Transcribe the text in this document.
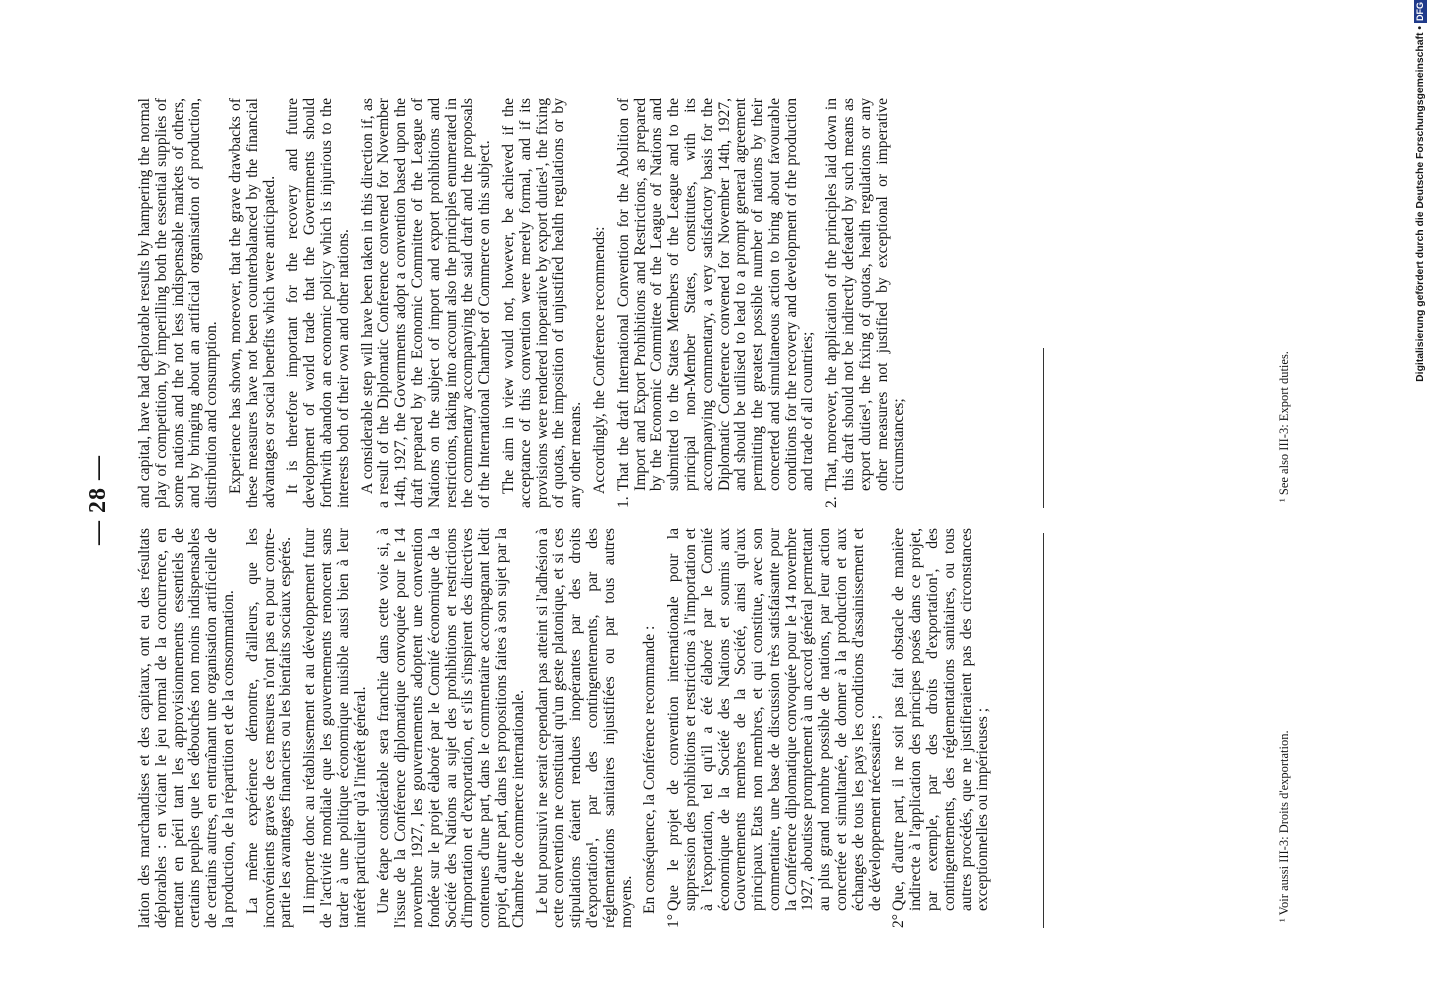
— 28 —

lation des marchandises et des capitaux, ont eu des résultats déplorables : en viciant le jeu normal de la concurrence, en mettant en péril tant les approvisionnements essentiels de certains peuples que les débouchés non moins indispensables de certains autres, en entraînant une organisation artificielle de la production, de la répartition et de la consommation. La même expérience démontre, d'ailleurs, que les inconvénients graves de ces mesures n'ont pas eu pour contre-partie les avantages financiers ou les bienfaits sociaux espérés. Il importe donc au rétablissement et au développement futur de l'activité mondiale que les gouvernements renoncent sans tarder à une politique économique nuisible aussi bien à leur intérêt particulier qu'à l'intérêt général. Une étape considérable sera franchie dans cette voie si, à l'issue de la Conférence diplomatique convoquée pour le 14 novembre 1927, les gouvernements adoptent une convention fondée sur le projet élaboré par le Comité économique de la Société des Nations au sujet des prohibitions et restrictions d'importation et d'exportation, et s'ils s'inspirent des directives contenues d'une part, dans le commentaire accompagnant ledit projet, d'autre part, dans les propositions faites à son sujet par la Chambre de commerce internationale. Le but poursuivi ne serait cependant pas atteint si l'adhésion à cette convention ne constituait qu'un geste platonique, et si ces stipulations étaient rendues inopérantes par des droits d'exportation¹, par des contingentements, par des réglementations sanitaires injustifiées ou par tous autres moyens. En conséquence, la Conférence recommande :

1°
Que le projet de convention internationale pour la suppression des prohibitions et restrictions à l'importation et à l'exportation, tel qu'il a été élaboré par le Comité économique de la Société des Nations et soumis aux Gouvernements membres de la Société, ainsi qu'aux principaux Etats non membres, et qui constitue, avec son commentaire, une base de discussion très satisfaisante pour la Conférence diplomatique convoquée pour le 14 novembre 1927, aboutisse promptement à un accord général permettant au plus grand nombre possible de nations, par leur action concertée et simultanée, de donner à la production et aux échanges de tous les pays les conditions d'assainissement et de développement nécessaires ;

2°
Que, d'autre part, il ne soit pas fait obstacle de manière indirecte à l'application des principes posés dans ce projet, par exemple, par des droits d'exportation¹, des contingentements, des réglementations sanitaires, ou tous autres procédés, que ne justifieraient pas des circonstances exceptionnelles ou impérieuses ;

and capital, have had deplorable results by hampering the normal play of competition, by imperilling both the essential supplies of some nations and the not less indispensable markets of others, and by bringing about an artificial organisation of production, distribution and consumption. Experience has shown, moreover, that the grave drawbacks of these measures have not been counterbalanced by the financial advantages or social benefits which were anticipated. It is therefore important for the recovery and future development of world trade that the Governments should forthwith abandon an economic policy which is injurious to the interests both of their own and other nations. A considerable step will have been taken in this direction if, as a result of the Diplomatic Conference convened for November 14th, 1927, the Governments adopt a convention based upon the draft prepared by the Economic Committee of the League of Nations on the subject of import and export prohibitions and restrictions, taking into account also the principles enumerated in the commentary accompanying the said draft and the proposals of the International Chamber of Commerce on this subject. The aim in view would not, however, be achieved if the acceptance of this convention were merely formal, and if its provisions were rendered inoperative by export duties¹, the fixing of quotas, the imposition of unjustified health regulations or by any other means. Accordingly, the Conference recommends:

1.
That the draft International Convention for the Abolition of Import and Export Prohibitions and Restrictions, as prepared by the Economic Committee of the League of Nations and submitted to the States Members of the League and to the principal non-Member States, constitutes, with its accompanying commentary, a very satisfactory basis for the Diplomatic Conference convened for November 14th, 1927, and should be utilised to lead to a prompt general agreement permitting the greatest possible number of nations by their concerted and simultaneous action to bring about favourable conditions for the recovery and development of the production and trade of all countries;

2.
That, moreover, the application of the principles laid down in this draft should not be indirectly defeated by such means as export duties¹, the fixing of quotas, health regulations or any other measures not justified by exceptional or imperative circumstances;

¹ Voir aussi III-3: Droits d'exportation.
¹ See also III-3: Export duties.
Digitalisierung gefördert durch die Deutsche Forschungsgemeinschaft •DFG
